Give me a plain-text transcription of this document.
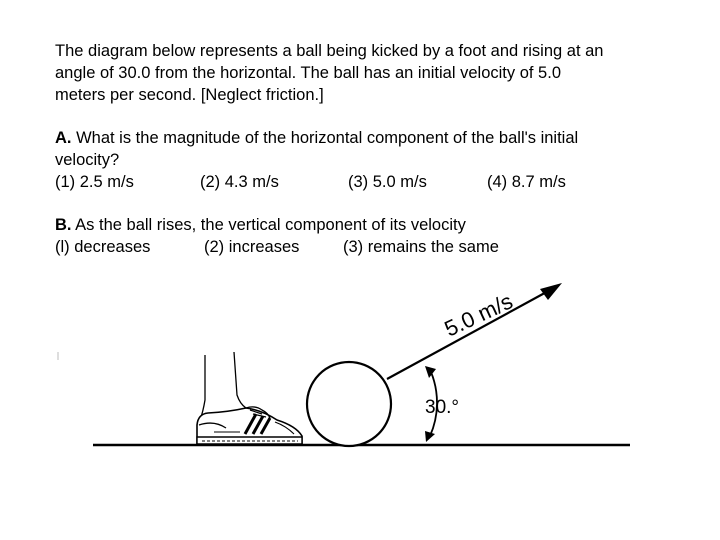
The diagram below represents a ball being kicked by a foot and rising at an
angle of 30.0 from the horizontal. The ball has an initial velocity of 5.0
meters per second. [Neglect friction.]
A. What is the magnitude of the horizontal component of the ball's initial
velocity?
(1) 2.5 m/s	(2) 4.3 m/s	(3) 5.0 m/s	(4) 8.7 m/s
B. As the ball rises, the vertical component of its velocity
(l) decreases	(2) increases	(3) remains the same
5.0 m/s
30.°
